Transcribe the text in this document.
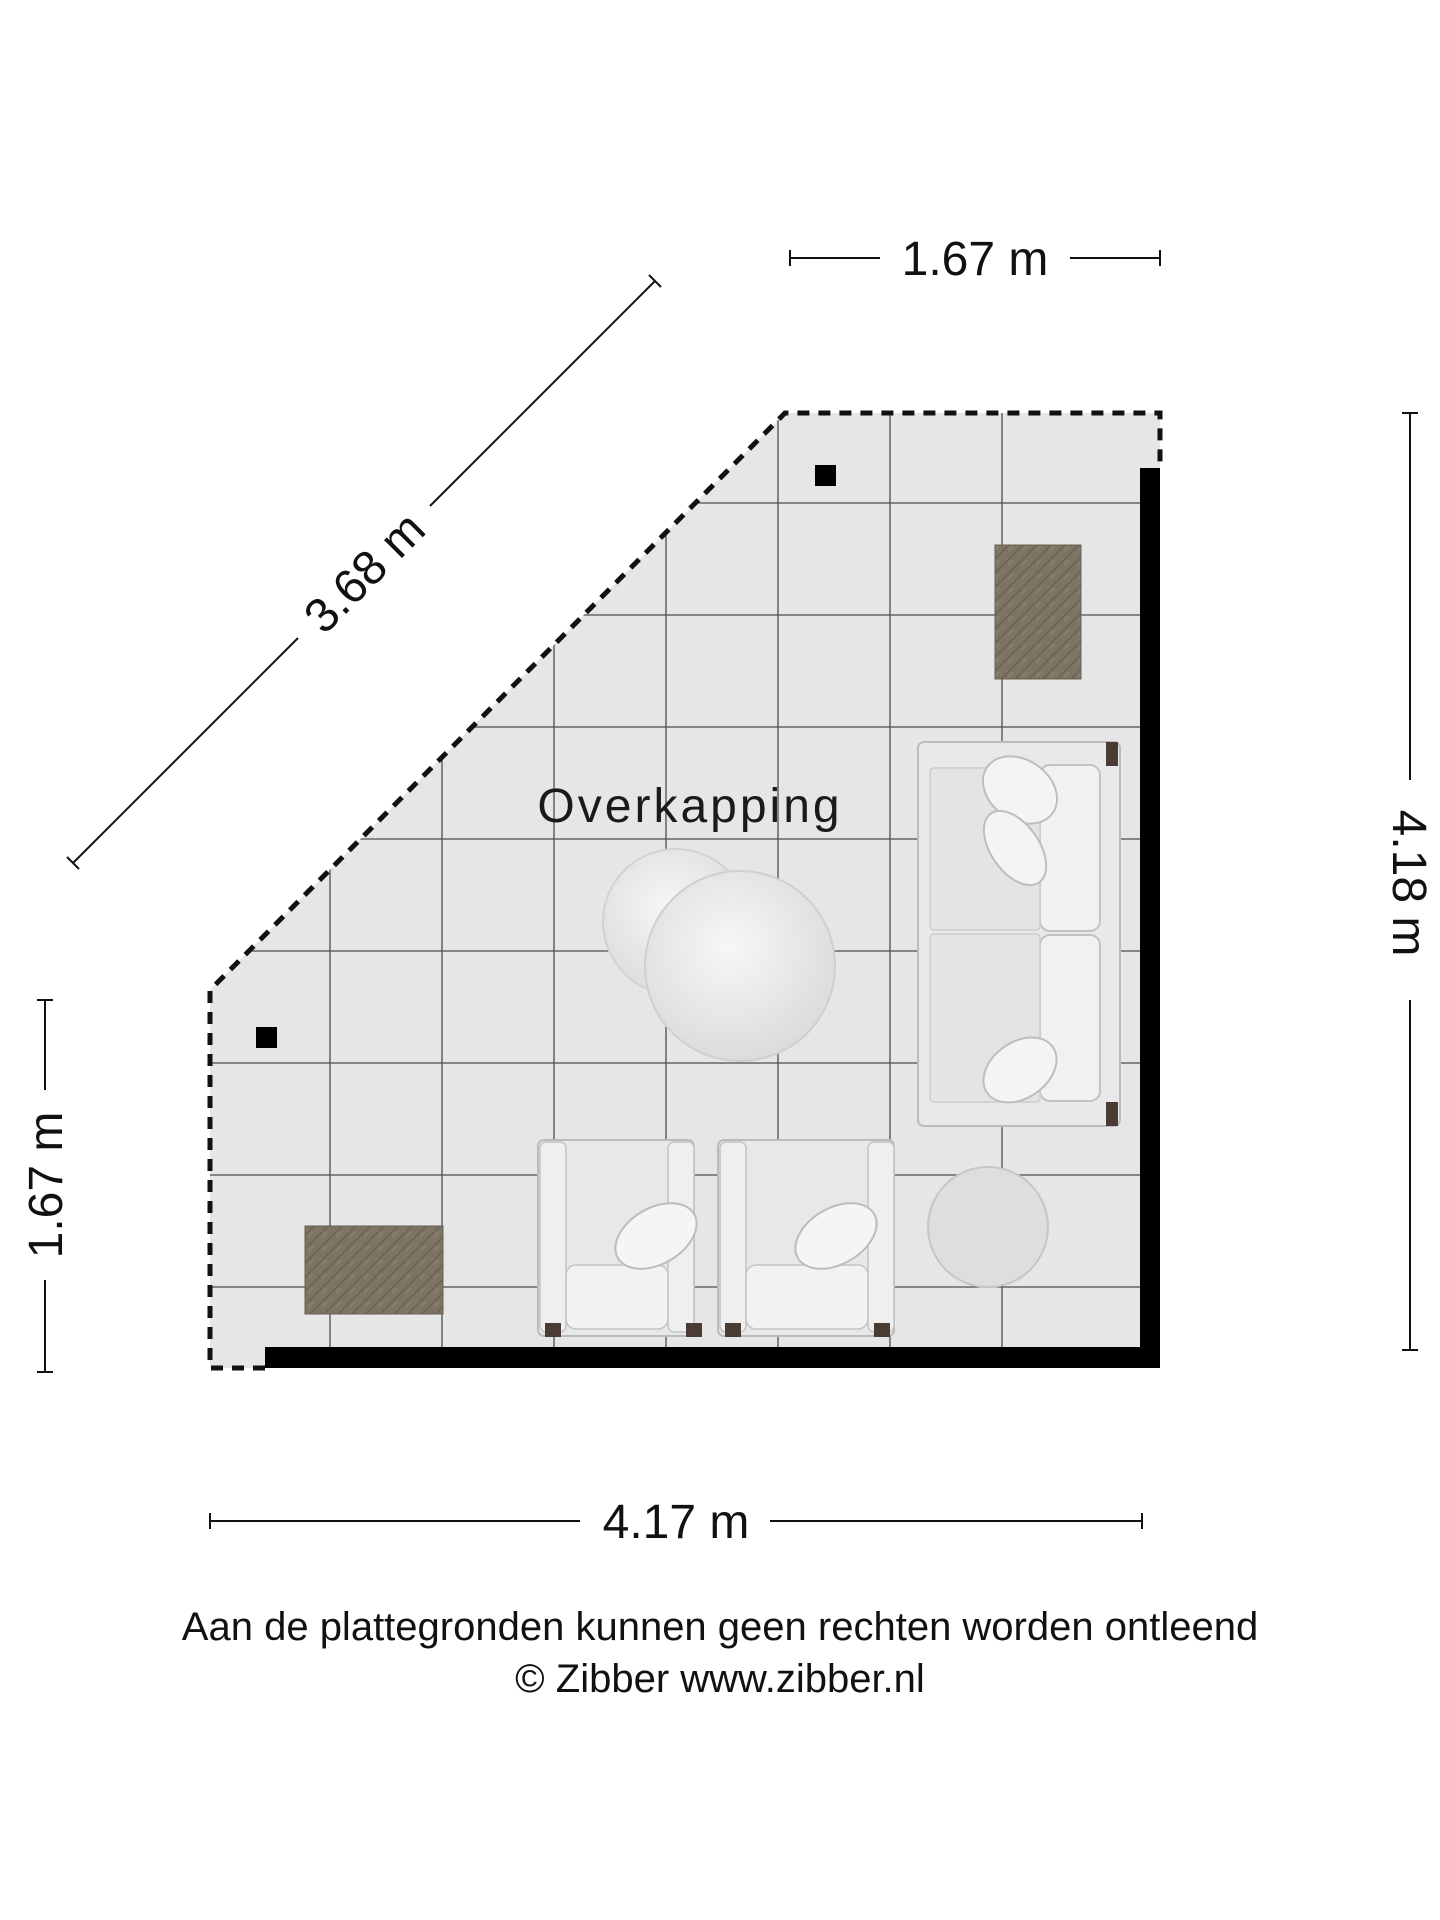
Overkapping
1.67 m
3.68 m
4.18 m
1.67 m
4.17 m
Aan de plattegronden kunnen geen rechten worden ontleend
© Zibber www.zibber.nl
